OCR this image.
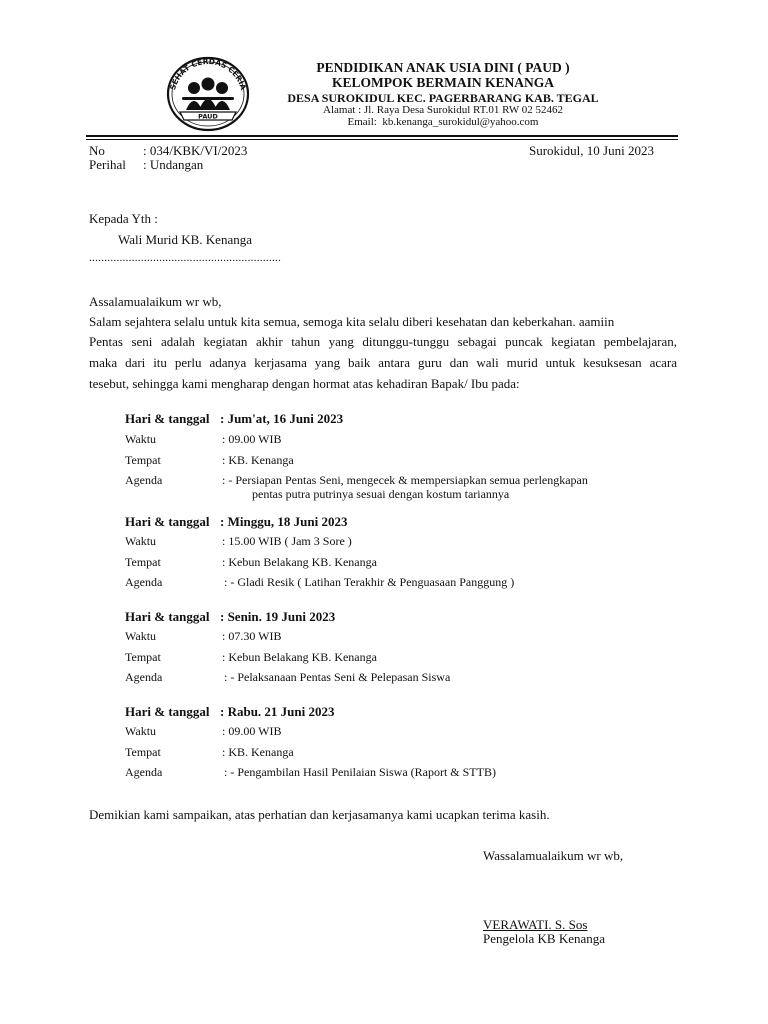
SEHAT CERDAS CERIA
PAUD
PENDIDIKAN ANAK USIA DINI ( PAUD )
KELOMPOK BERMAIN KENANGA
DESA SUROKIDUL KEC. PAGERBARANG KAB. TEGAL
Alamat : Jl. Raya Desa Surokidul RT.01 RW 02 52462
Email: kb.kenanga_surokidul@yahoo.com
No	: 034/KBK/VI/2023
Perihal : Undangan
Surokidul, 10 Juni 2023
Kepada Yth :
Wali Murid KB. Kenanga
...............................................................
Assalamualaikum wr wb,
Salam sejahtera selalu untuk kita semua, semoga kita selalu diberi kesehatan dan keberkahan. aamiin
Pentas seni adalah kegiatan akhir tahun yang ditunggu-tunggu sebagai puncak kegiatan pembelajaran,
maka dari itu perlu adanya kerjasama yang baik antara guru dan wali murid untuk kesuksesan acara
tesebut, sehingga kami mengharap dengan hormat atas kehadiran Bapak/ Ibu pada:
Hari & tanggal : Jum'at, 16 Juni 2023
Waktu	: 09.00 WIB
Tempat	: KB. Kenanga
Agenda	: - Persiapan Pentas Seni, mengecek & mempersiapkan semua perlengkapan
pentas putra putrinya sesuai dengan kostum tariannya
Hari & tanggal : Minggu, 18 Juni 2023
Waktu	: 15.00 WIB ( Jam 3 Sore )
Tempat	: Kebun Belakang KB. Kenanga
Agenda	: - Gladi Resik ( Latihan Terakhir & Penguasaan Panggung )
Hari & tanggal : Senin. 19 Juni 2023
Waktu	: 07.30 WIB
Tempat	: Kebun Belakang KB. Kenanga
Agenda	: - Pelaksanaan Pentas Seni & Pelepasan Siswa
Hari & tanggal : Rabu. 21 Juni 2023
Waktu	: 09.00 WIB
Tempat	: KB. Kenanga
Agenda	: - Pengambilan Hasil Penilaian Siswa (Raport & STTB)
Demikian kami sampaikan, atas perhatian dan kerjasamanya kami ucapkan terima kasih.
Wassalamualaikum wr wb,
VERAWATI. S. Sos
Pengelola KB Kenanga
